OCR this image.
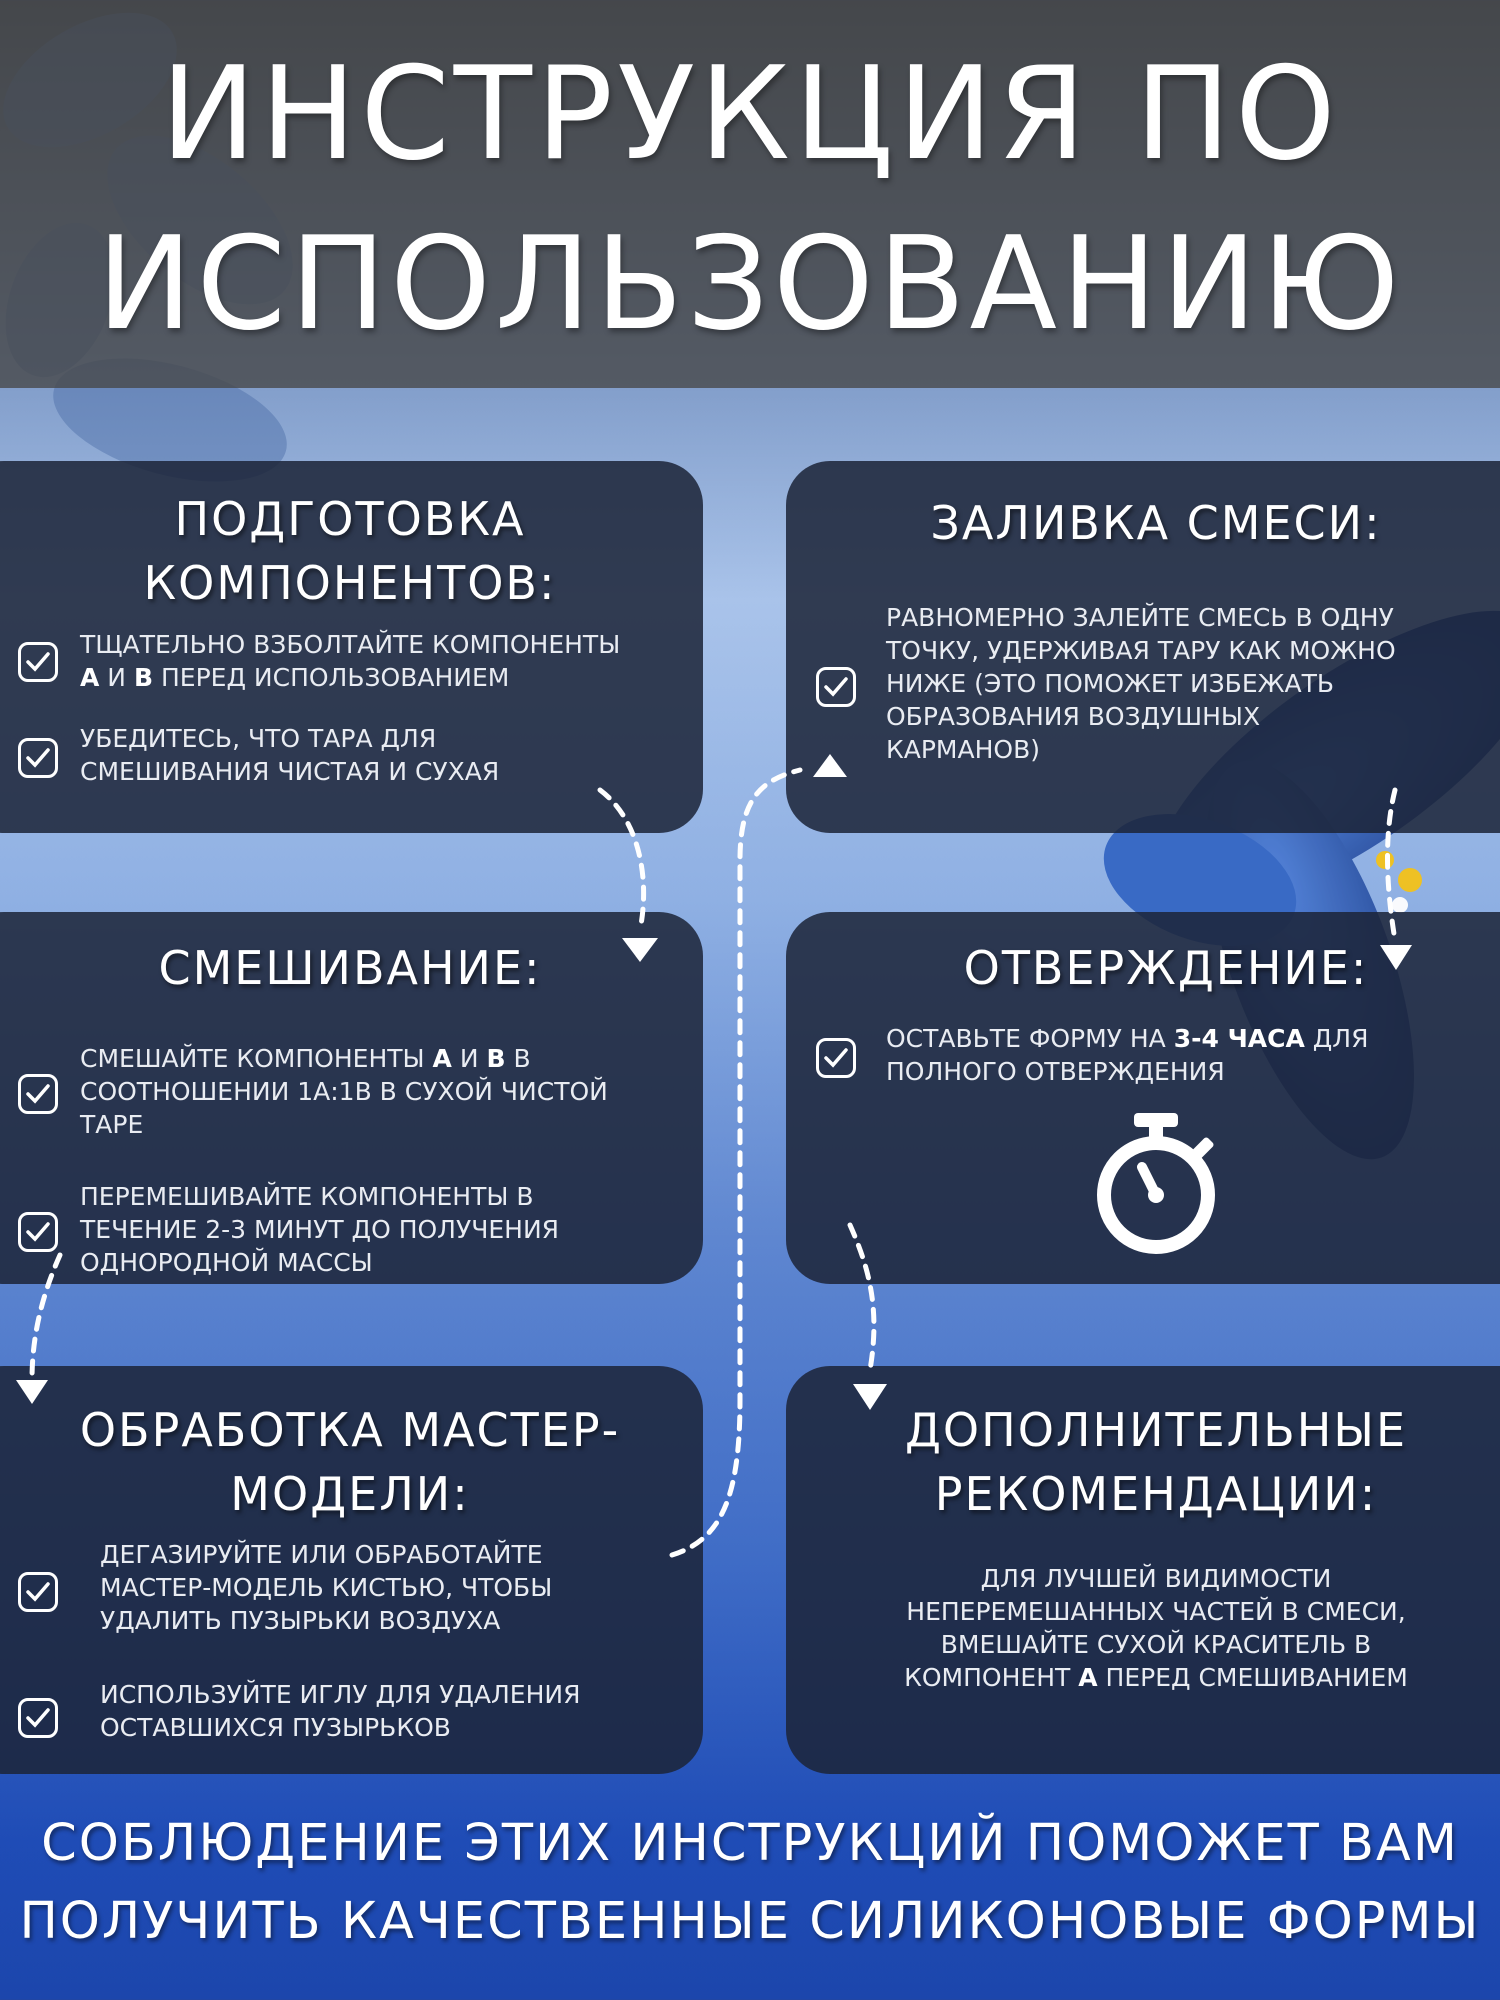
ИНСТРУКЦИЯ ПО
ИСПОЛЬЗОВАНИЮ
ПОДГОТОВКА
КОМПОНЕНТОВ:
ТЩАТЕЛЬНО ВЗБОЛТАЙТЕ КОМПОНЕНТЫ
А И В ПЕРЕД ИСПОЛЬЗОВАНИЕМ
УБЕДИТЕСЬ, ЧТО ТАРА ДЛЯ
СМЕШИВАНИЯ ЧИСТАЯ И СУХАЯ
ЗАЛИВКА СМЕСИ:
РАВНОМЕРНО ЗАЛЕЙТЕ СМЕСЬ В ОДНУ
ТОЧКУ, УДЕРЖИВАЯ ТАРУ КАК МОЖНО
НИЖЕ (ЭТО ПОМОЖЕТ ИЗБЕЖАТЬ
ОБРАЗОВАНИЯ ВОЗДУШНЫХ
КАРМАНОВ)
СМЕШИВАНИЕ:
СМЕШАЙТЕ КОМПОНЕНТЫ А И В В
СООТНОШЕНИИ 1А:1В В СУХОЙ ЧИСТОЙ
ТАРЕ
ПЕРЕМЕШИВАЙТЕ КОМПОНЕНТЫ В
ТЕЧЕНИЕ 2-3 МИНУТ ДО ПОЛУЧЕНИЯ
ОДНОРОДНОЙ МАССЫ
ОТВЕРЖДЕНИЕ:
ОСТАВЬТЕ ФОРМУ НА 3-4 ЧАСА ДЛЯ
ПОЛНОГО ОТВЕРЖДЕНИЯ
ОБРАБОТКА МАСТЕР-
МОДЕЛИ:
ДЕГАЗИРУЙТЕ ИЛИ ОБРАБОТАЙТЕ
МАСТЕР-МОДЕЛЬ КИСТЬЮ, ЧТОБЫ
УДАЛИТЬ ПУЗЫРЬКИ ВОЗДУХА
ИСПОЛЬЗУЙТЕ ИГЛУ ДЛЯ УДАЛЕНИЯ
ОСТАВШИХСЯ ПУЗЫРЬКОВ
ДОПОЛНИТЕЛЬНЫЕ
РЕКОМЕНДАЦИИ:
ДЛЯ ЛУЧШЕЙ ВИДИМОСТИ
НЕПЕРЕМЕШАННЫХ ЧАСТЕЙ В СМЕСИ,
ВМЕШАЙТЕ СУХОЙ КРАСИТЕЛЬ В
КОМПОНЕНТ А ПЕРЕД СМЕШИВАНИЕМ
СОБЛЮДЕНИЕ ЭТИХ ИНСТРУКЦИЙ ПОМОЖЕТ ВАМ
ПОЛУЧИТЬ КАЧЕСТВЕННЫЕ СИЛИКОНОВЫЕ ФОРМЫ
